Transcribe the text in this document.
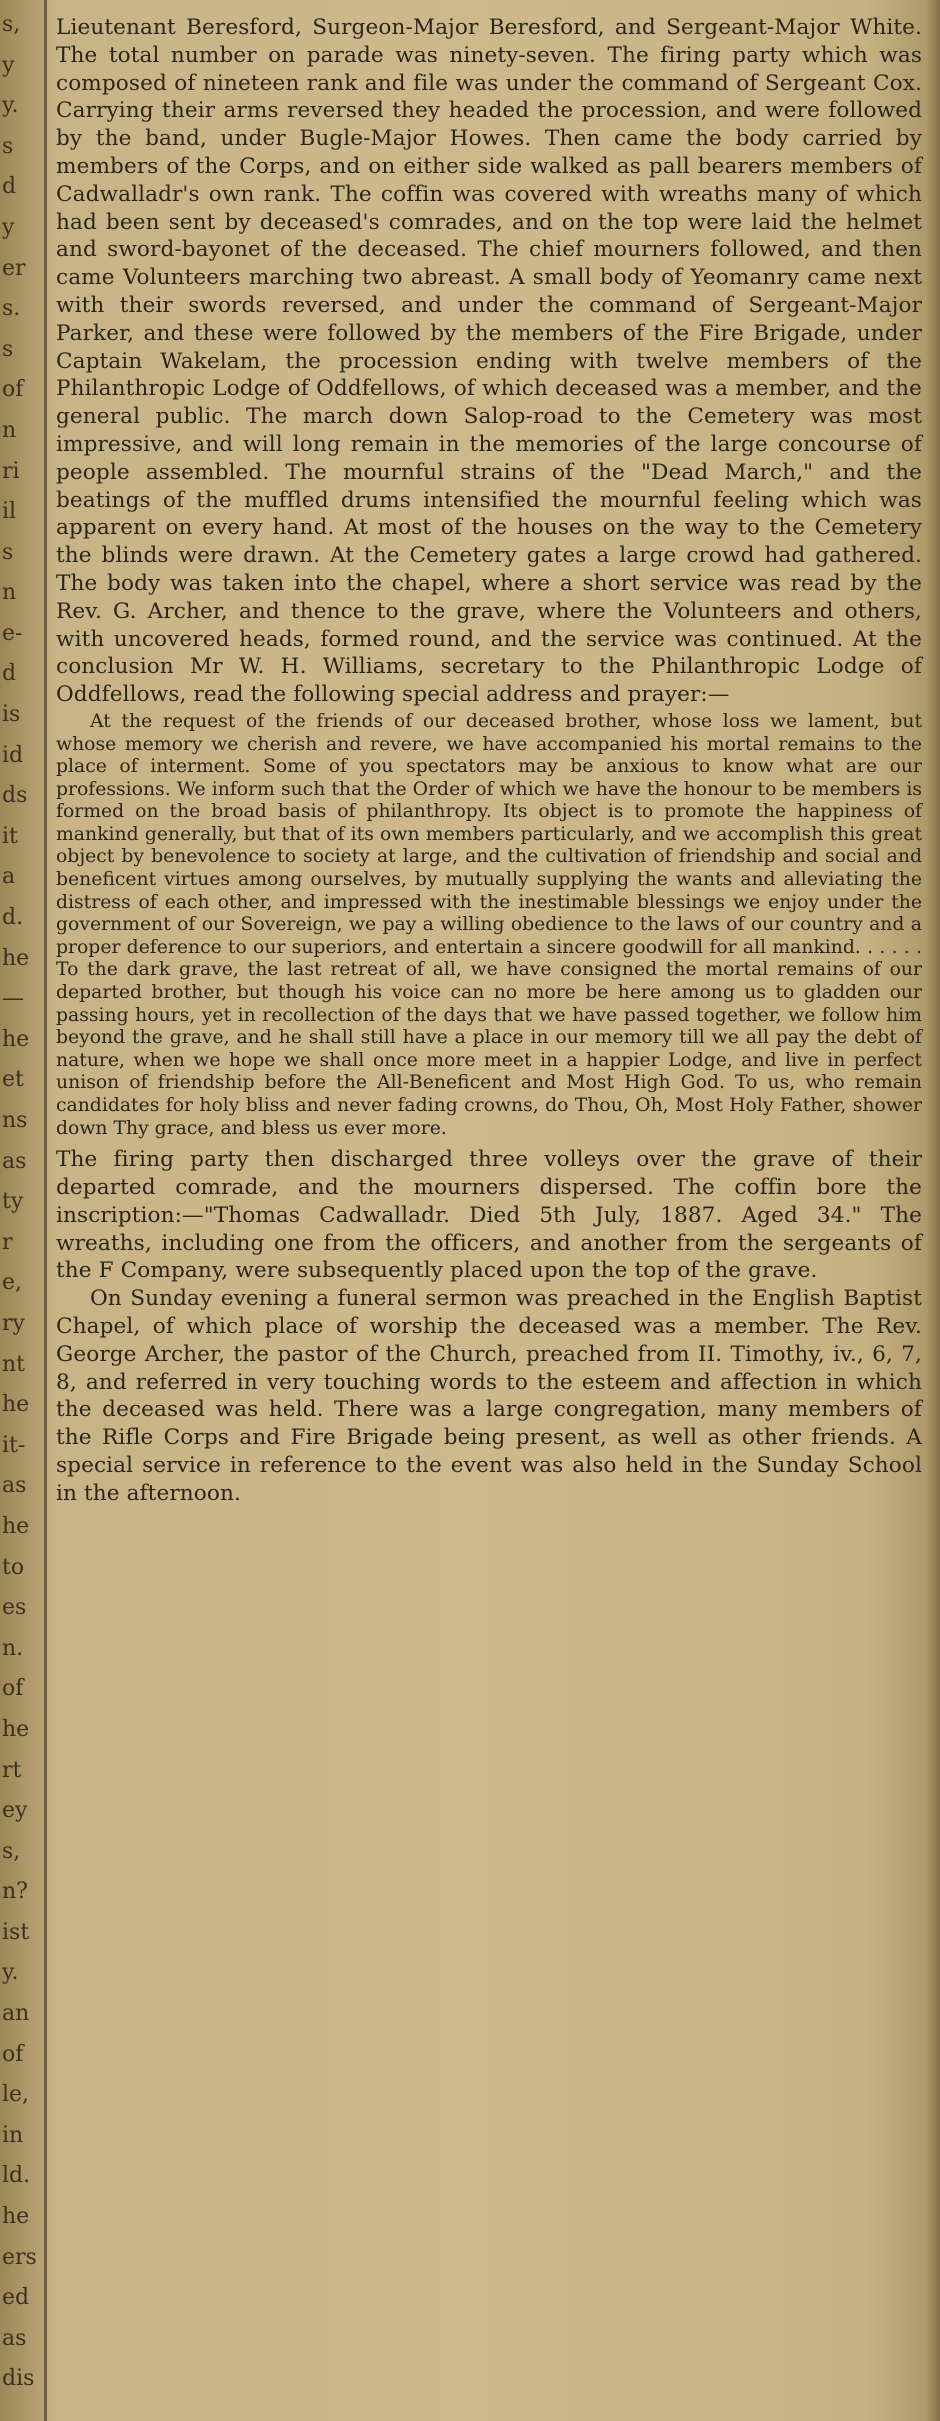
s,
y
y.
s
d
y
er
s.
s
of
n
ri
il
s
n
e-
d
is
id
ds
it
a
d.
he
—
he
et
ns
as
ty
r
e,
ry
nt
he
it-
as
he
to
es
n.
of
he
rt
ey
s,
n?
ist
y.
an
of
le,
in
ld.
he
ers
ed
as
dis

Lieutenant Beresford, Surgeon-Major Beresford, and Sergeant-Major White. The total number on parade was ninety-seven. The firing party which was composed of nineteen rank and file was under the command of Sergeant Cox. Carrying their arms reversed they headed the procession, and were followed by the band, under Bugle-Major Howes. Then came the body carried by members of the Corps, and on either side walked as pall bearers members of Cadwalladr's own rank. The coffin was covered with wreaths many of which had been sent by deceased's comrades, and on the top were laid the helmet and sword-bayonet of the deceased. The chief mourners followed, and then came Volunteers marching two abreast. A small body of Yeomanry came next with their swords reversed, and under the command of Sergeant-Major Parker, and these were followed by the members of the Fire Brigade, under Captain Wakelam, the procession ending with twelve members of the Philanthropic Lodge of Oddfellows, of which deceased was a member, and the general public. The march down Salop-road to the Cemetery was most impressive, and will long remain in the memories of the large concourse of people assembled. The mournful strains of the "Dead March," and the beatings of the muffled drums intensified the mournful feeling which was apparent on every hand. At most of the houses on the way to the Cemetery the blinds were drawn. At the Cemetery gates a large crowd had gathered. The body was taken into the chapel, where a short service was read by the Rev. G. Archer, and thence to the grave, where the Volunteers and others, with uncovered heads, formed round, and the service was continued. At the conclusion Mr W. H. Williams, secretary to the Philanthropic Lodge of Oddfellows, read the following special address and prayer:—

At the request of the friends of our deceased brother, whose loss we lament, but whose memory we cherish and revere, we have accompanied his mortal remains to the place of interment. Some of you spectators may be anxious to know what are our professions. We inform such that the Order of which we have the honour to be members is formed on the broad basis of philanthropy. Its object is to promote the happiness of mankind generally, but that of its own members particularly, and we accomplish this great object by benevolence to society at large, and the cultivation of friendship and social and beneficent virtues among ourselves, by mutually supplying the wants and alleviating the distress of each other, and impressed with the inestimable blessings we enjoy under the government of our Sovereign, we pay a willing obedience to the laws of our country and a proper deference to our superiors, and entertain a sincere goodwill for all mankind. . . . . . To the dark grave, the last retreat of all, we have consigned the mortal remains of our departed brother, but though his voice can no more be here among us to gladden our passing hours, yet in recollection of the days that we have passed together, we follow him beyond the grave, and he shall still have a place in our memory till we all pay the debt of nature, when we hope we shall once more meet in a happier Lodge, and live in perfect unison of friendship before the All-Beneficent and Most High God. To us, who remain candidates for holy bliss and never fading crowns, do Thou, Oh, Most Holy Father, shower down Thy grace, and bless us ever more.

The firing party then discharged three volleys over the grave of their departed comrade, and the mourners dispersed. The coffin bore the inscription:—"Thomas Cadwalladr. Died 5th July, 1887. Aged 34." The wreaths, including one from the officers, and another from the sergeants of the F Company, were subsequently placed upon the top of the grave.

On Sunday evening a funeral sermon was preached in the English Baptist Chapel, of which place of worship the deceased was a member. The Rev. George Archer, the pastor of the Church, preached from II. Timothy, iv., 6, 7, 8, and referred in very touching words to the esteem and affection in which the deceased was held. There was a large congregation, many members of the Rifle Corps and Fire Brigade being present, as well as other friends. A special service in reference to the event was also held in the Sunday School in the afternoon.
